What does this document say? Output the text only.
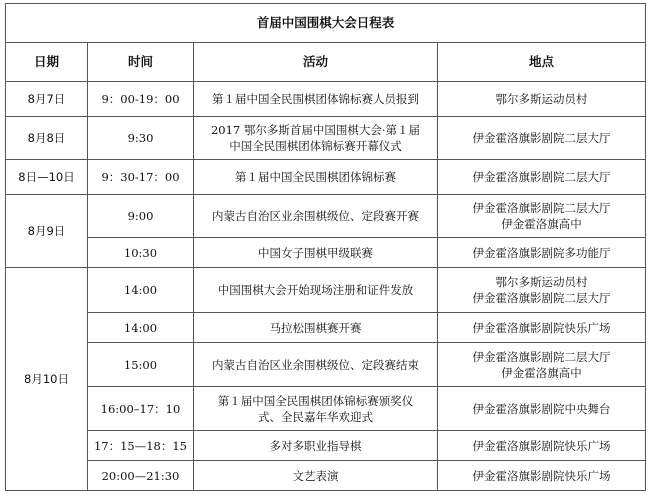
首届中国围棋大会日程表			
日期	时间	活动	地点
8月7日	9：00-19：00	第１届中国全民围棋团体锦标赛人员报到	鄂尔多斯运动员村

8月8日	9:30	2017 鄂尔多斯首届中国围棋大会·第１届
中国全民围棋团体锦标赛开幕仪式	伊金霍洛旗影剧院二层大厅

8日—10日	9：30-17：00	第１届中国全民围棋团体锦标赛	伊金霍洛旗影剧院二层大厅

8月9日	9:00	内蒙古自治区业余围棋级位、定段赛开赛	伊金霍洛旗影剧院二层大厅
伊金霍洛旗高中

	10:30	中国女子围棋甲级联赛	伊金霍洛旗影剧院多功能厅

8月10日	14:00	中国围棋大会开始现场注册和证件发放	鄂尔多斯运动员村
伊金霍洛旗影剧院二层大厅

	14:00	马拉松围棋赛开赛	伊金霍洛旗影剧院快乐广场

	15:00	内蒙古自治区业余围棋级位、定段赛结束	伊金霍洛旗影剧院二层大厅
伊金霍洛旗高中

	16:00–17：10	第１届中国全民围棋团体锦标赛颁奖仪
式、全民嘉年华欢迎式	伊金霍洛旗影剧院中央舞台

	17：15—18：15	多对多职业指导棋	伊金霍洛旗影剧院快乐广场

	20:00—21:30	文艺表演	伊金霍洛旗影剧院快乐广场
